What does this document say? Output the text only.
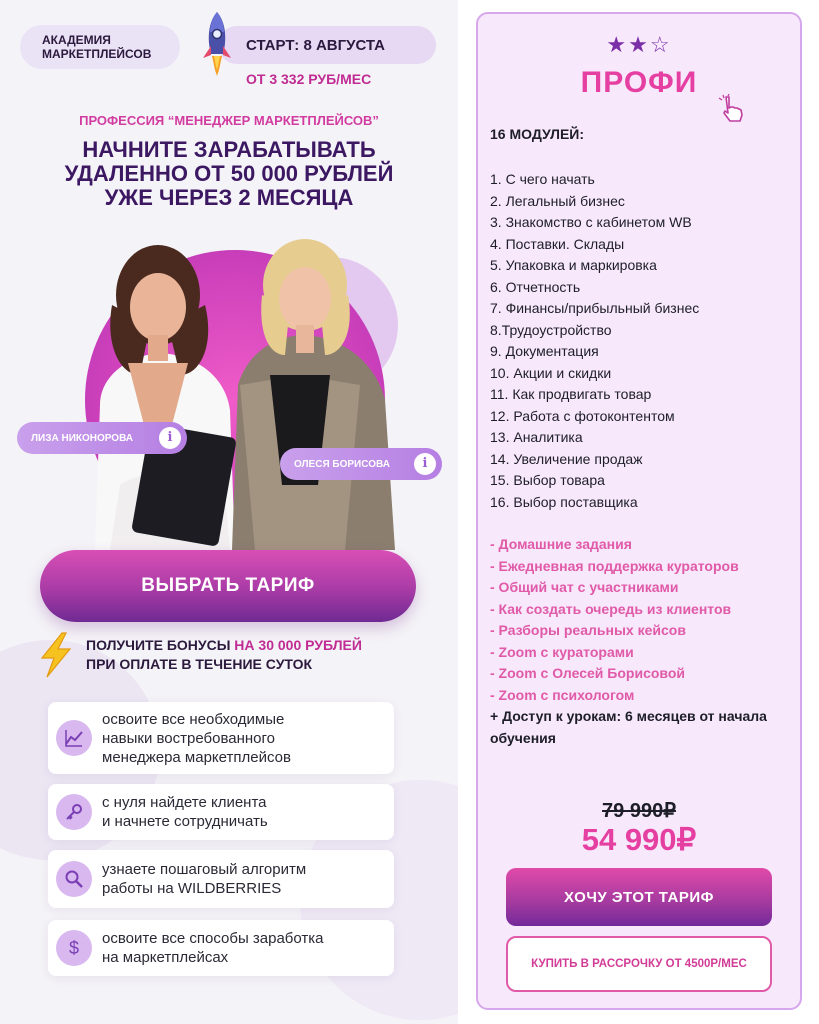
АКАДЕМИЯ
МАРКЕТПЛЕЙСОВ
СТАРТ: 8 АВГУСТА
ОТ 3 332 РУБ/МЕС
ПРОФЕССИЯ “МЕНЕДЖЕР МАРКЕТПЛЕЙСОВ”
НАЧНИТЕ ЗАРАБАТЫВАТЬ
УДАЛЕННО ОТ 50 000 РУБЛЕЙ
УЖЕ ЧЕРЕЗ 2 МЕСЯЦА
ЛИЗА НИКОНОРОВА	i
ОЛЕСЯ БОРИСОВА	i
ВЫБРАТЬ ТАРИФ
ПОЛУЧИТЕ БОНУСЫ НА 30 000 РУБЛЕЙ
ПРИ ОПЛАТЕ В ТЕЧЕНИЕ СУТОК
освоите все необходимые
навыки востребованного
менеджера маркетплейсов
с нуля найдете клиента
и начнете сотрудничать
узнаете пошаговый алгоритм
работы на WILDBERRIES
$	освоите все способы заработка
на маркетплейсах
★★☆
ПРОФИ
16 МОДУЛЕЙ:
1. С чего начать
2. Легальный бизнес
3. Знакомство с кабинетом WB
4. Поставки. Склады
5. Упаковка и маркировка
6. Отчетность
7. Финансы/прибыльный бизнес
8.Трудоустройство
9. Документация
10. Акции и скидки
11. Как продвигать товар
12. Работа с фотоконтентом
13. Аналитика
14. Увеличение продаж
15. Выбор товара
16. Выбор поставщика
- Домашние задания
- Ежедневная поддержка кураторов
- Общий чат с участниками
- Как создать очередь из клиентов
- Разборы реальных кейсов
- Zoom с кураторами
- Zoom с Олесей Борисовой
- Zoom с психологом
+ Доступ к урокам: 6 месяцев от начала обучения
79 990₽
54 990₽
ХОЧУ ЭТОТ ТАРИФ
КУПИТЬ В РАССРОЧКУ ОТ 4500Р/МЕС
